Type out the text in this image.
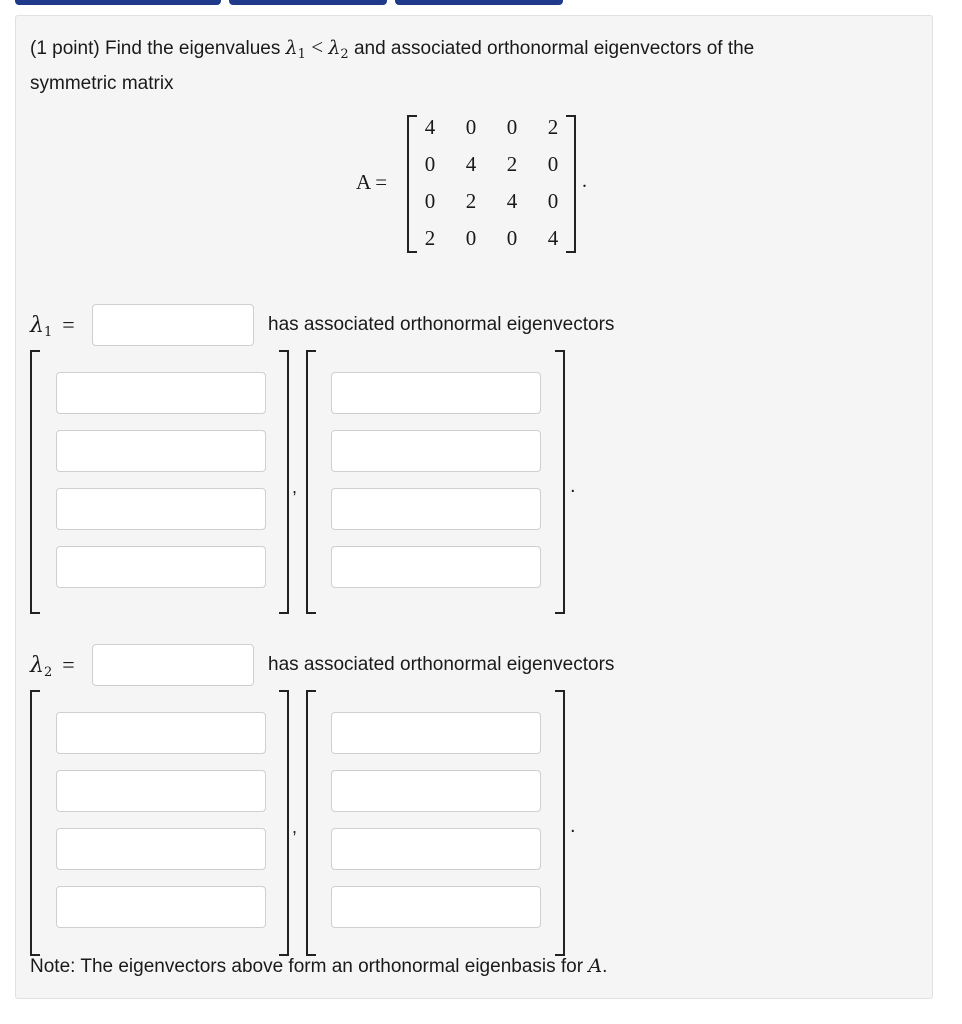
(1 point) Find the eigenvalues $\lambda_1 < \lambda_2$ and associated orthonormal eigenvectors of the
symmetric matrix
A =
4	0	0	2
0	4	2	0
0	2	4	0
2	0	0	4
.
$\lambda_1$ =	has associated orthonormal eigenvectors
,	.
$\lambda_2$ =	has associated orthonormal eigenvectors
,	.
Note: The eigenvectors above form an orthonormal eigenbasis for A.
